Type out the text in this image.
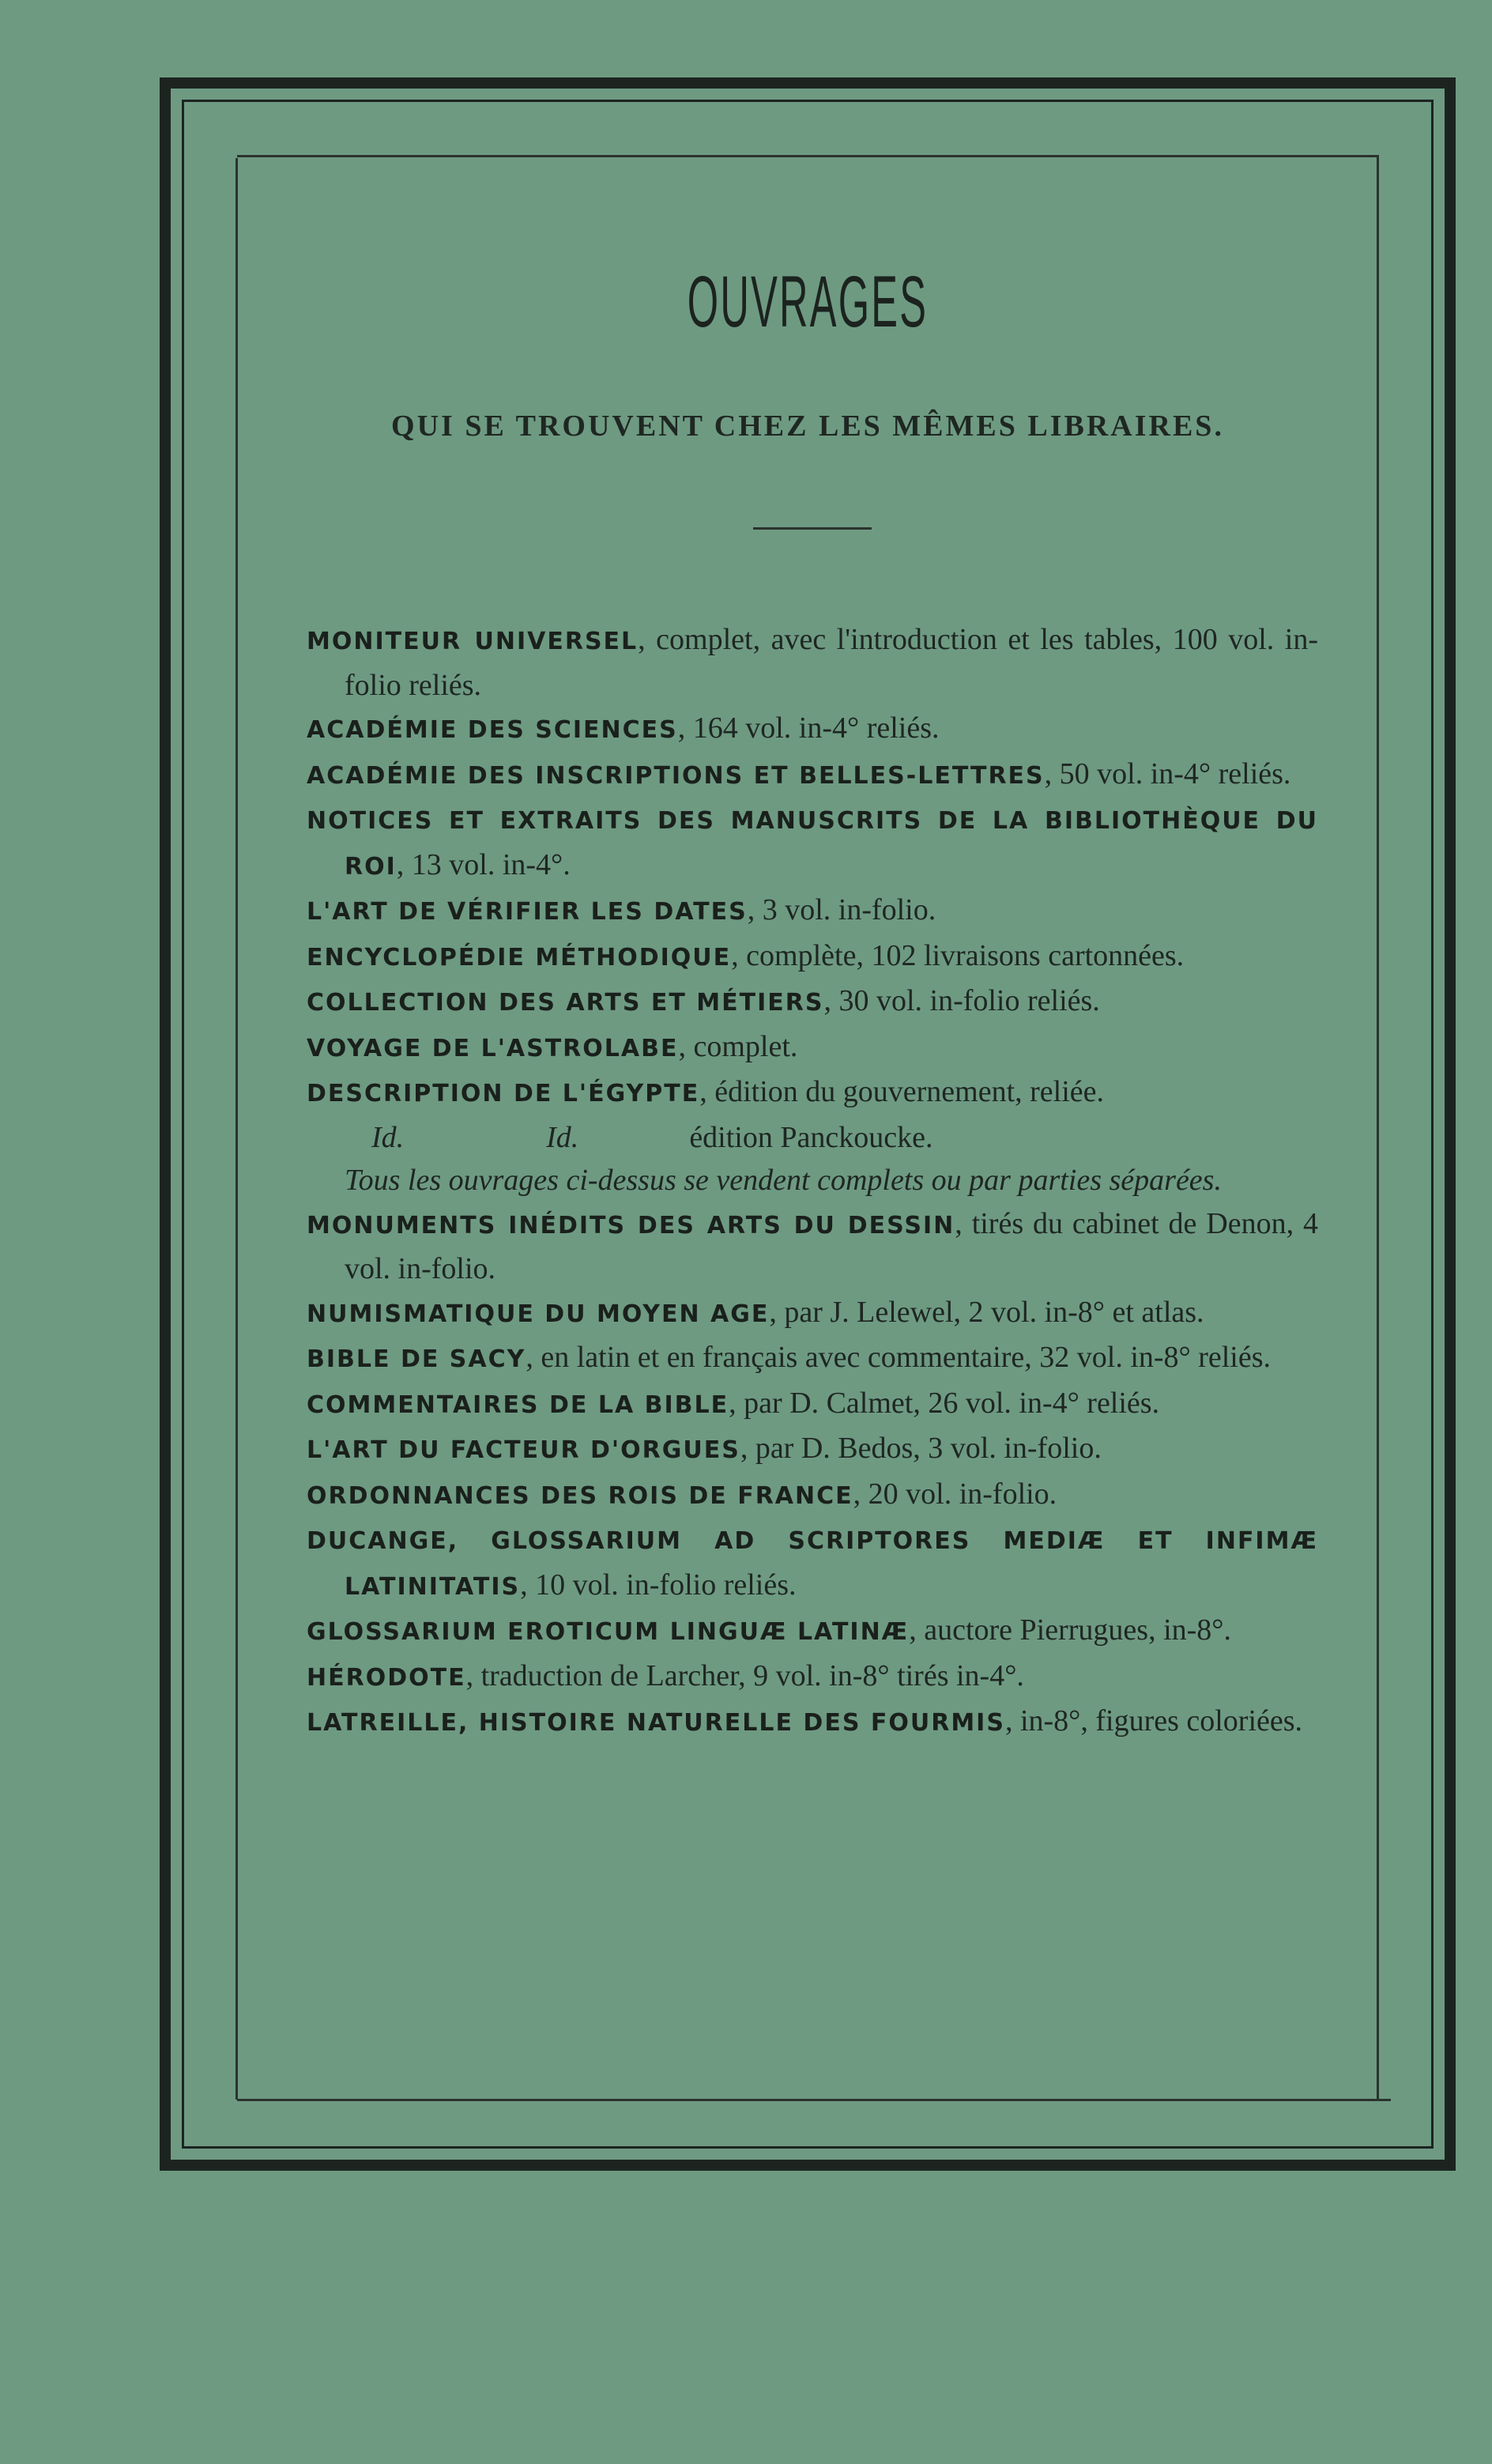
OUVRAGES
QUI SE TROUVENT CHEZ LES MÊMES LIBRAIRES.

MONITEUR UNIVERSEL, complet, avec l'introduction et les tables, 100 vol. in-folio reliés.

ACADÉMIE DES SCIENCES, 164 vol. in-4° reliés.

ACADÉMIE DES INSCRIPTIONS ET BELLES-LETTRES, 50 vol. in-4° reliés.

NOTICES ET EXTRAITS DES MANUSCRITS DE LA BIBLIOTHÈQUE DU ROI, 13 vol. in-4°.

L'ART DE VÉRIFIER LES DATES, 3 vol. in-folio.

ENCYCLOPÉDIE MÉTHODIQUE, complète, 102 livraisons cartonnées.

COLLECTION DES ARTS ET MÉTIERS, 30 vol. in-folio reliés.

VOYAGE DE L'ASTROLABE, complet.

DESCRIPTION DE L'ÉGYPTE, édition du gouvernement, reliée.

Id.	Id.	édition Panckoucke.

Tous les ouvrages ci-dessus se vendent complets ou par parties séparées.

MONUMENTS INÉDITS DES ARTS DU DESSIN, tirés du cabinet de Denon, 4 vol. in-folio.

NUMISMATIQUE DU MOYEN AGE, par J. Lelewel, 2 vol. in-8° et atlas.

BIBLE DE SACY, en latin et en français avec commentaire, 32 vol. in-8° reliés.

COMMENTAIRES DE LA BIBLE, par D. Calmet, 26 vol. in-4° reliés.

L'ART DU FACTEUR D'ORGUES, par D. Bedos, 3 vol. in-folio.

ORDONNANCES DES ROIS DE FRANCE, 20 vol. in-folio.

DUCANGE, GLOSSARIUM AD SCRIPTORES MEDIÆ ET INFIMÆ LATINITATIS, 10 vol. in-folio reliés.

GLOSSARIUM EROTICUM LINGUÆ LATINÆ, auctore Pierrugues, in-8°.

HÉRODOTE, traduction de Larcher, 9 vol. in-8° tirés in-4°.

LATREILLE, HISTOIRE NATURELLE DES FOURMIS, in-8°, figures coloriées.
